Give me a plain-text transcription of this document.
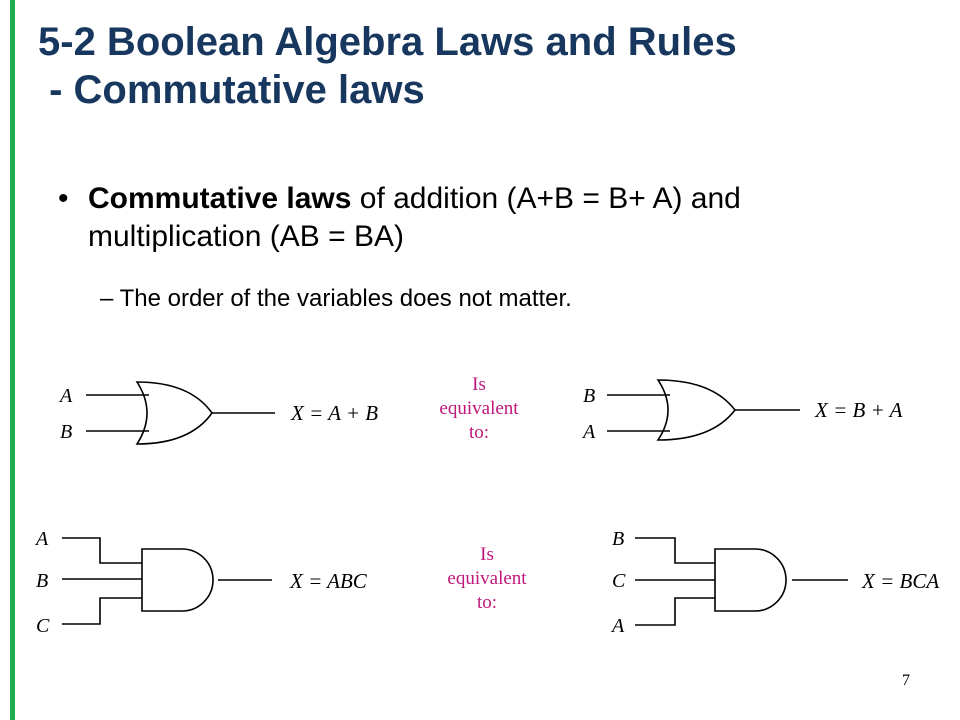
5-2 Boolean Algebra Laws and Rules
- Commutative laws
• Commutative laws of addition (A+B = B+ A) and multiplication (AB = BA)
– The order of the variables does not matter.
A
B
X = A + B
B
A
X = B + A
A
B
C
X = ABC
B
C
A
X = BCA
Is
equivalent
to:
Is
equivalent
to:
7
